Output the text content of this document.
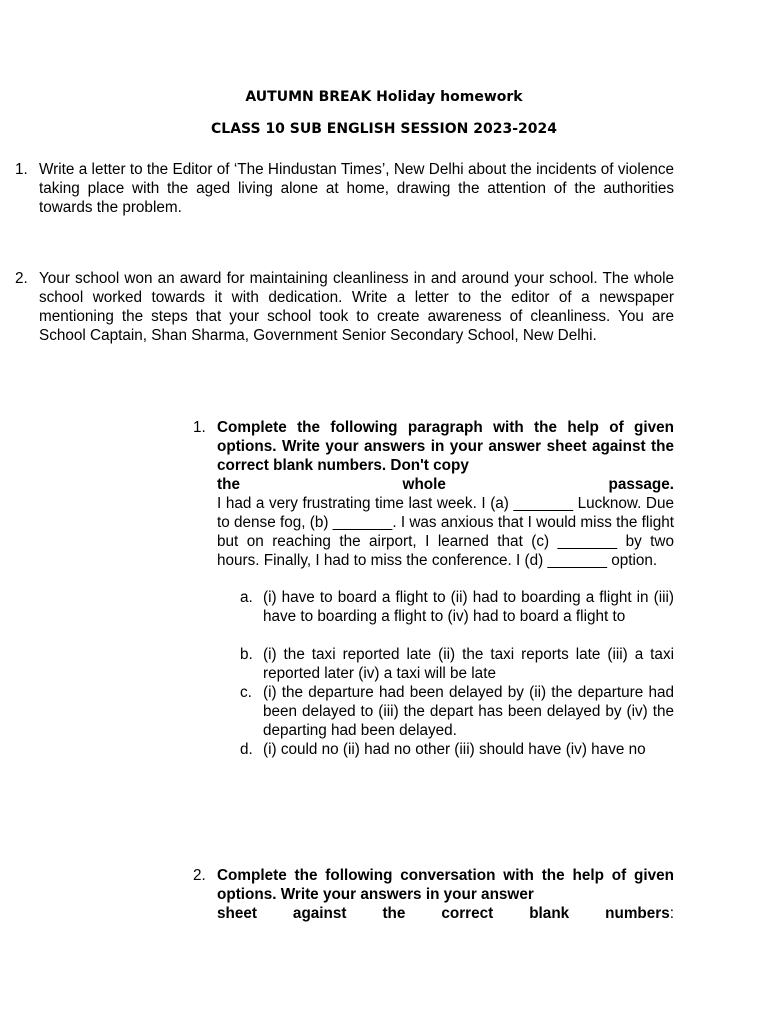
AUTUMN BREAK Holiday homework
CLASS 10 SUB ENGLISH SESSION 2023-2024
1. Write a letter to the Editor of ‘The Hindustan Times’, New Delhi about the incidents of violence taking place with the aged living alone at home, drawing the attention of the authorities towards the problem.
2. Your school won an award for maintaining cleanliness in and around your school. The whole school worked towards it with dedication. Write a letter to the editor of a newspaper mentioning the steps that your school took to create awareness of cleanliness. You are School Captain, Shan Sharma, Government Senior Secondary School, New Delhi.
1. Complete the following paragraph with the help of given options. Write your answers in your answer sheet against the correct blank numbers. Don't copy
the whole passage.
I had a very frustrating time last week. I (a) _______ Lucknow. Due to dense fog, (b) _______. I was anxious that I would miss the flight but on reaching the airport, I learned that (c) _______ by two hours. Finally, I had to miss the conference. I (d) _______ option.
a. (i) have to board a flight to (ii) had to boarding a flight in (iii) have to boarding a flight to (iv) had to board a flight to
b. (i) the taxi reported late (ii) the taxi reports late (iii) a taxi reported later (iv) a taxi will be late
c. (i) the departure had been delayed by (ii) the departure had been delayed to (iii) the depart has been delayed by (iv) the departing had been delayed.
d. (i) could no (ii) had no other (iii) should have (iv) have no
2. Complete the following conversation with the help of given options. Write your answers in your answer
sheet against the correct blank numbers:
